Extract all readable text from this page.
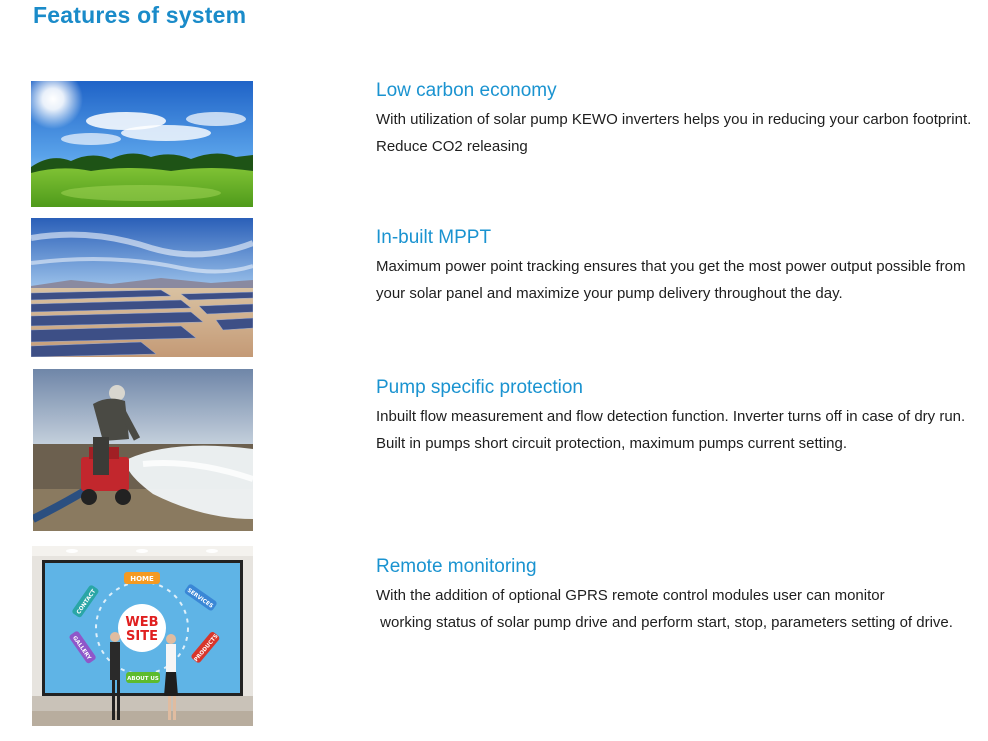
Features of system
HOME
SERVICES
PRODUCTS
ABOUT US
GALLERY
CONTACT
WEB
SITE
Low carbon economy

With utilization of solar pump KEWO inverters helps you in reducing your carbon footprint.

Reduce CO2 releasing

In-built MPPT

Maximum power point tracking ensures that you get the most power output possible from your solar panel and maximize your pump delivery throughout the day.

Pump specific protection

Inbuilt flow measurement and flow detection function. Inverter turns off in case of dry run.

Built in pumps short circuit protection, maximum pumps current setting.

Remote monitoring

With the addition of optional GPRS remote control modules user can monitor

working status of solar pump drive and perform start, stop, parameters setting of drive.
